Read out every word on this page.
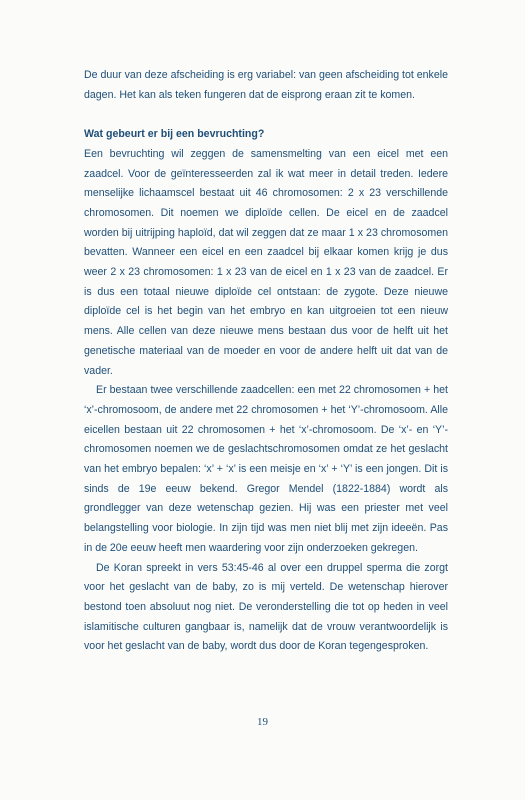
De duur van deze afscheiding is erg variabel: van geen afscheiding tot enkele dagen. Het kan als teken fungeren dat de eisprong eraan zit te komen.

Wat gebeurt er bij een bevruchting?

Een bevruchting wil zeggen de samensmelting van een eicel met een zaadcel. Voor de geïnteresseerden zal ik wat meer in detail treden. Iedere menselijke lichaamscel bestaat uit 46 chromosomen: 2 x 23 verschillende chromosomen. Dit noemen we diploïde cellen. De eicel en de zaadcel worden bij uitrijping haploïd, dat wil zeggen dat ze maar 1 x 23 chromosomen bevatten. Wanneer een eicel en een zaadcel bij elkaar komen krijg je dus weer 2 x 23 chromosomen: 1 x 23 van de eicel en 1 x 23 van de zaadcel. Er is dus een totaal nieuwe diploïde cel ontstaan: de zygote. Deze nieuwe diploïde cel is het begin van het embryo en kan uitgroeien tot een nieuw mens. Alle cellen van deze nieuwe mens bestaan dus voor de helft uit het genetische materiaal van de moeder en voor de andere helft uit dat van de vader.

Er bestaan twee verschillende zaadcellen: een met 22 chromosomen + het ‘x’-chromosoom, de andere met 22 chromosomen + het ‘Y’-chromosoom. Alle eicellen bestaan uit 22 chromosomen + het ‘x’-chromosoom. De ‘x’- en ‘Y’-chromosomen noemen we de geslachtschromosomen omdat ze het geslacht van het embryo bepalen: ‘x’ + ‘x’ is een meisje en ‘x’ + ‘Y’ is een jongen. Dit is sinds de 19e eeuw bekend. Gregor Mendel (1822-1884) wordt als grondlegger van deze wetenschap gezien. Hij was een priester met veel belangstelling voor biologie. In zijn tijd was men niet blij met zijn ideeën. Pas in de 20e eeuw heeft men waardering voor zijn onderzoeken gekregen.

De Koran spreekt in vers 53:45-46 al over een druppel sperma die zorgt voor het geslacht van de baby, zo is mij verteld. De wetenschap hierover bestond toen absoluut nog niet. De veronderstelling die tot op heden in veel islamitische culturen gangbaar is, namelijk dat de vrouw verantwoordelijk is voor het geslacht van de baby, wordt dus door de Koran tegengesproken.

19
